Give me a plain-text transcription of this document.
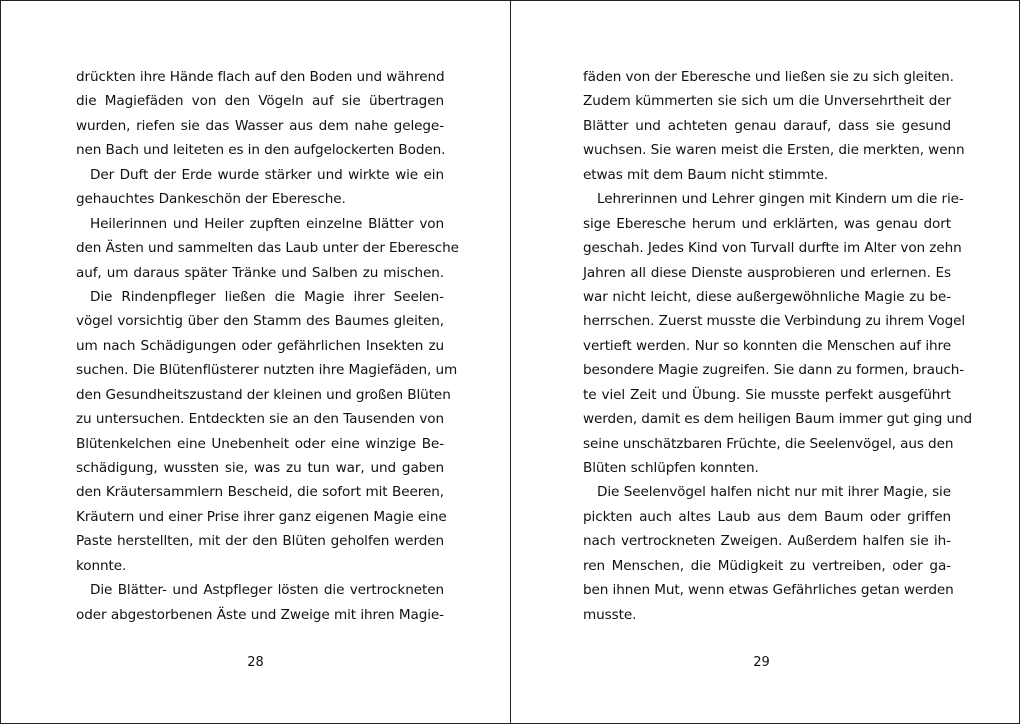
drückten ihre Hände flach auf den Boden und während
die Magiefäden von den Vögeln auf sie übertragen
wurden, riefen sie das Wasser aus dem nahe gelege-
nen Bach und leiteten es in den aufgelockerten Boden.
Der Duft der Erde wurde stärker und wirkte wie ein
gehauchtes Dankeschön der Eberesche.
Heilerinnen und Heiler zupften einzelne Blätter von
den Ästen und sammelten das Laub unter der Eberesche
auf, um daraus später Tränke und Salben zu mischen.
Die Rindenpfleger ließen die Magie ihrer Seelen-
vögel vorsichtig über den Stamm des Baumes gleiten,
um nach Schädigungen oder gefährlichen Insekten zu
suchen. Die Blütenflüsterer nutzten ihre Magiefäden, um
den Gesundheitszustand der kleinen und großen Blüten
zu untersuchen. Entdeckten sie an den Tausenden von
Blütenkelchen eine Unebenheit oder eine winzige Be-
schädigung, wussten sie, was zu tun war, und gaben
den Kräutersammlern Bescheid, die sofort mit Beeren,
Kräutern und einer Prise ihrer ganz eigenen Magie eine
Paste herstellten, mit der den Blüten geholfen werden
konnte.
Die Blätter- und Astpfleger lösten die vertrockneten
oder abgestorbenen Äste und Zweige mit ihren Magie-
28
fäden von der Eberesche und ließen sie zu sich gleiten.
Zudem kümmerten sie sich um die Unversehrtheit der
Blätter und achteten genau darauf, dass sie gesund
wuchsen. Sie waren meist die Ersten, die merkten, wenn
etwas mit dem Baum nicht stimmte.
Lehrerinnen und Lehrer gingen mit Kindern um die rie-
sige Eberesche herum und erklärten, was genau dort
geschah. Jedes Kind von Turvall durfte im Alter von zehn
Jahren all diese Dienste ausprobieren und erlernen. Es
war nicht leicht, diese außergewöhnliche Magie zu be-
herrschen. Zuerst musste die Verbindung zu ihrem Vogel
vertieft werden. Nur so konnten die Menschen auf ihre
besondere Magie zugreifen. Sie dann zu formen, brauch-
te viel Zeit und Übung. Sie musste perfekt ausgeführt
werden, damit es dem heiligen Baum immer gut ging und
seine unschätzbaren Früchte, die Seelenvögel, aus den
Blüten schlüpfen konnten.
Die Seelenvögel halfen nicht nur mit ihrer Magie, sie
pickten auch altes Laub aus dem Baum oder griffen
nach vertrockneten Zweigen. Außerdem halfen sie ih-
ren Menschen, die Müdigkeit zu vertreiben, oder ga-
ben ihnen Mut, wenn etwas Gefährliches getan werden
musste.
29
